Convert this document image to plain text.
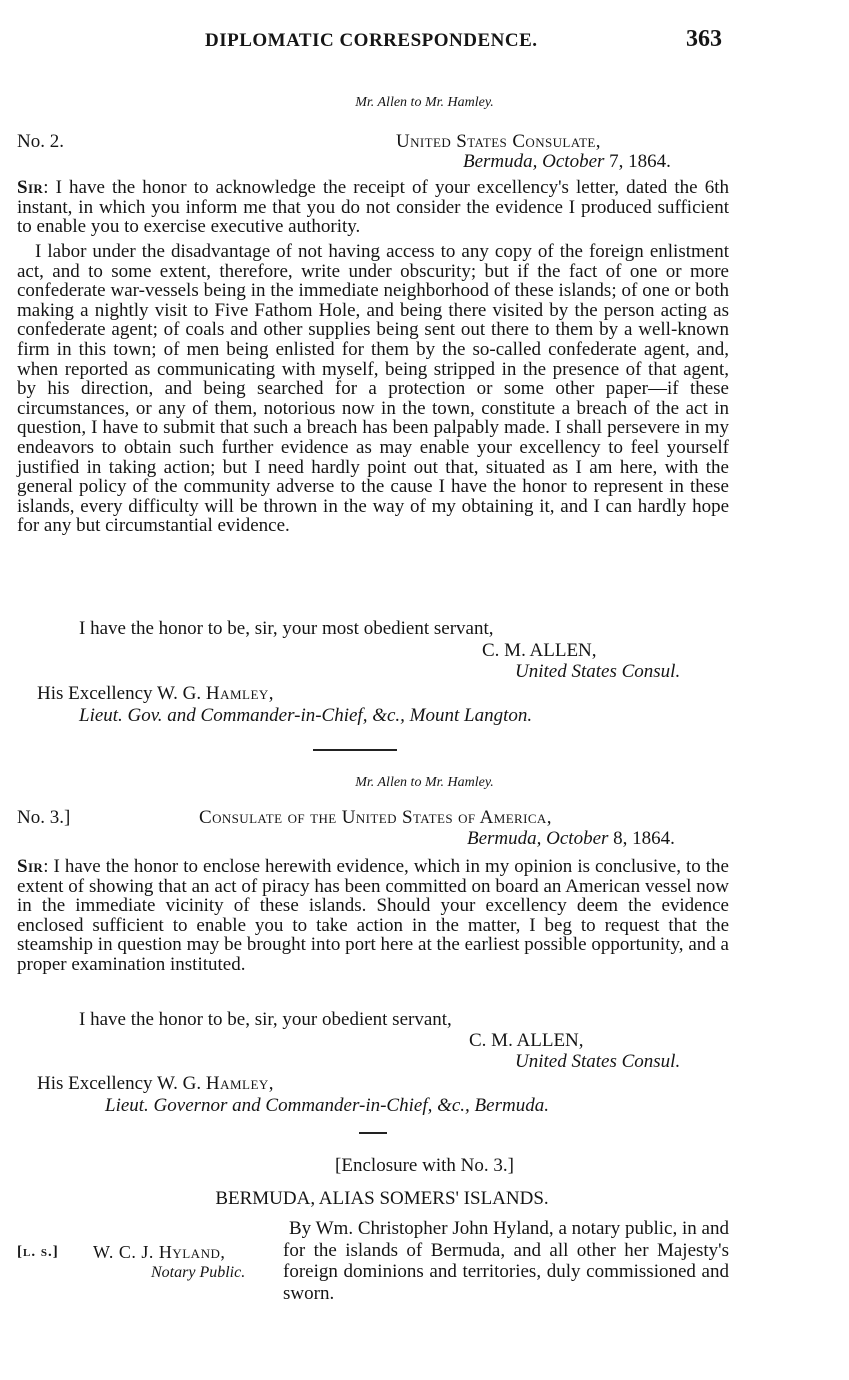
DIPLOMATIC CORRESPONDENCE.	363
Mr. Allen to Mr. Hamley.
No. 2.	United States Consulate,
Bermuda, October 7, 1864.

Sir: I have the honor to acknowledge the receipt of your excellency's letter, dated the 6th instant, in which you inform me that you do not consider the evidence I produced sufficient to enable you to exercise executive authority.

I labor under the disadvantage of not having access to any copy of the foreign enlistment act, and to some extent, therefore, write under obscurity; but if the fact of one or more confederate war-vessels being in the immediate neighborhood of these islands; of one or both making a nightly visit to Five Fathom Hole, and being there visited by the person acting as confederate agent; of coals and other supplies being sent out there to them by a well-known firm in this town; of men being enlisted for them by the so-called confederate agent, and, when reported as communicating with myself, being stripped in the presence of that agent, by his direction, and being searched for a protection or some other paper—if these circumstances, or any of them, notorious now in the town, constitute a breach of the act in question, I have to submit that such a breach has been palpably made. I shall persevere in my endeavors to obtain such further evidence as may enable your excellency to feel yourself justified in taking action; but I need hardly point out that, situated as I am here, with the general policy of the community adverse to the cause I have the honor to represent in these islands, every difficulty will be thrown in the way of my obtaining it, and I can hardly hope for any but circumstantial evidence.

I have the honor to be, sir, your most obedient servant,
C. M. ALLEN,
United States Consul.
His Excellency W. G. Hamley,
Lieut. Gov. and Commander-in-Chief, &c., Mount Langton.
Mr. Allen to Mr. Hamley.
No. 3.]	Consulate of the United States of America,
Bermuda, October 8, 1864.

Sir: I have the honor to enclose herewith evidence, which in my opinion is conclusive, to the extent of showing that an act of piracy has been committed on board an American vessel now in the immediate vicinity of these islands. Should your excellency deem the evidence enclosed sufficient to enable you to take action in the matter, I beg to request that the steamship in question may be brought into port here at the earliest possible opportunity, and a proper examination instituted.

I have the honor to be, sir, your obedient servant,
C. M. ALLEN,
United States Consul.
His Excellency W. G. Hamley,
Lieut. Governor and Commander-in-Chief, &c., Bermuda.
[Enclosure with No. 3.]
BERMUDA, ALIAS SOMERS' ISLANDS.
[l. s.] W. C. J. Hyland,
Notary Public.

By Wm. Christopher John Hyland, a notary public, in and for the islands of Bermuda, and all other her Majesty's foreign dominions and territories, duly commissioned and sworn.
